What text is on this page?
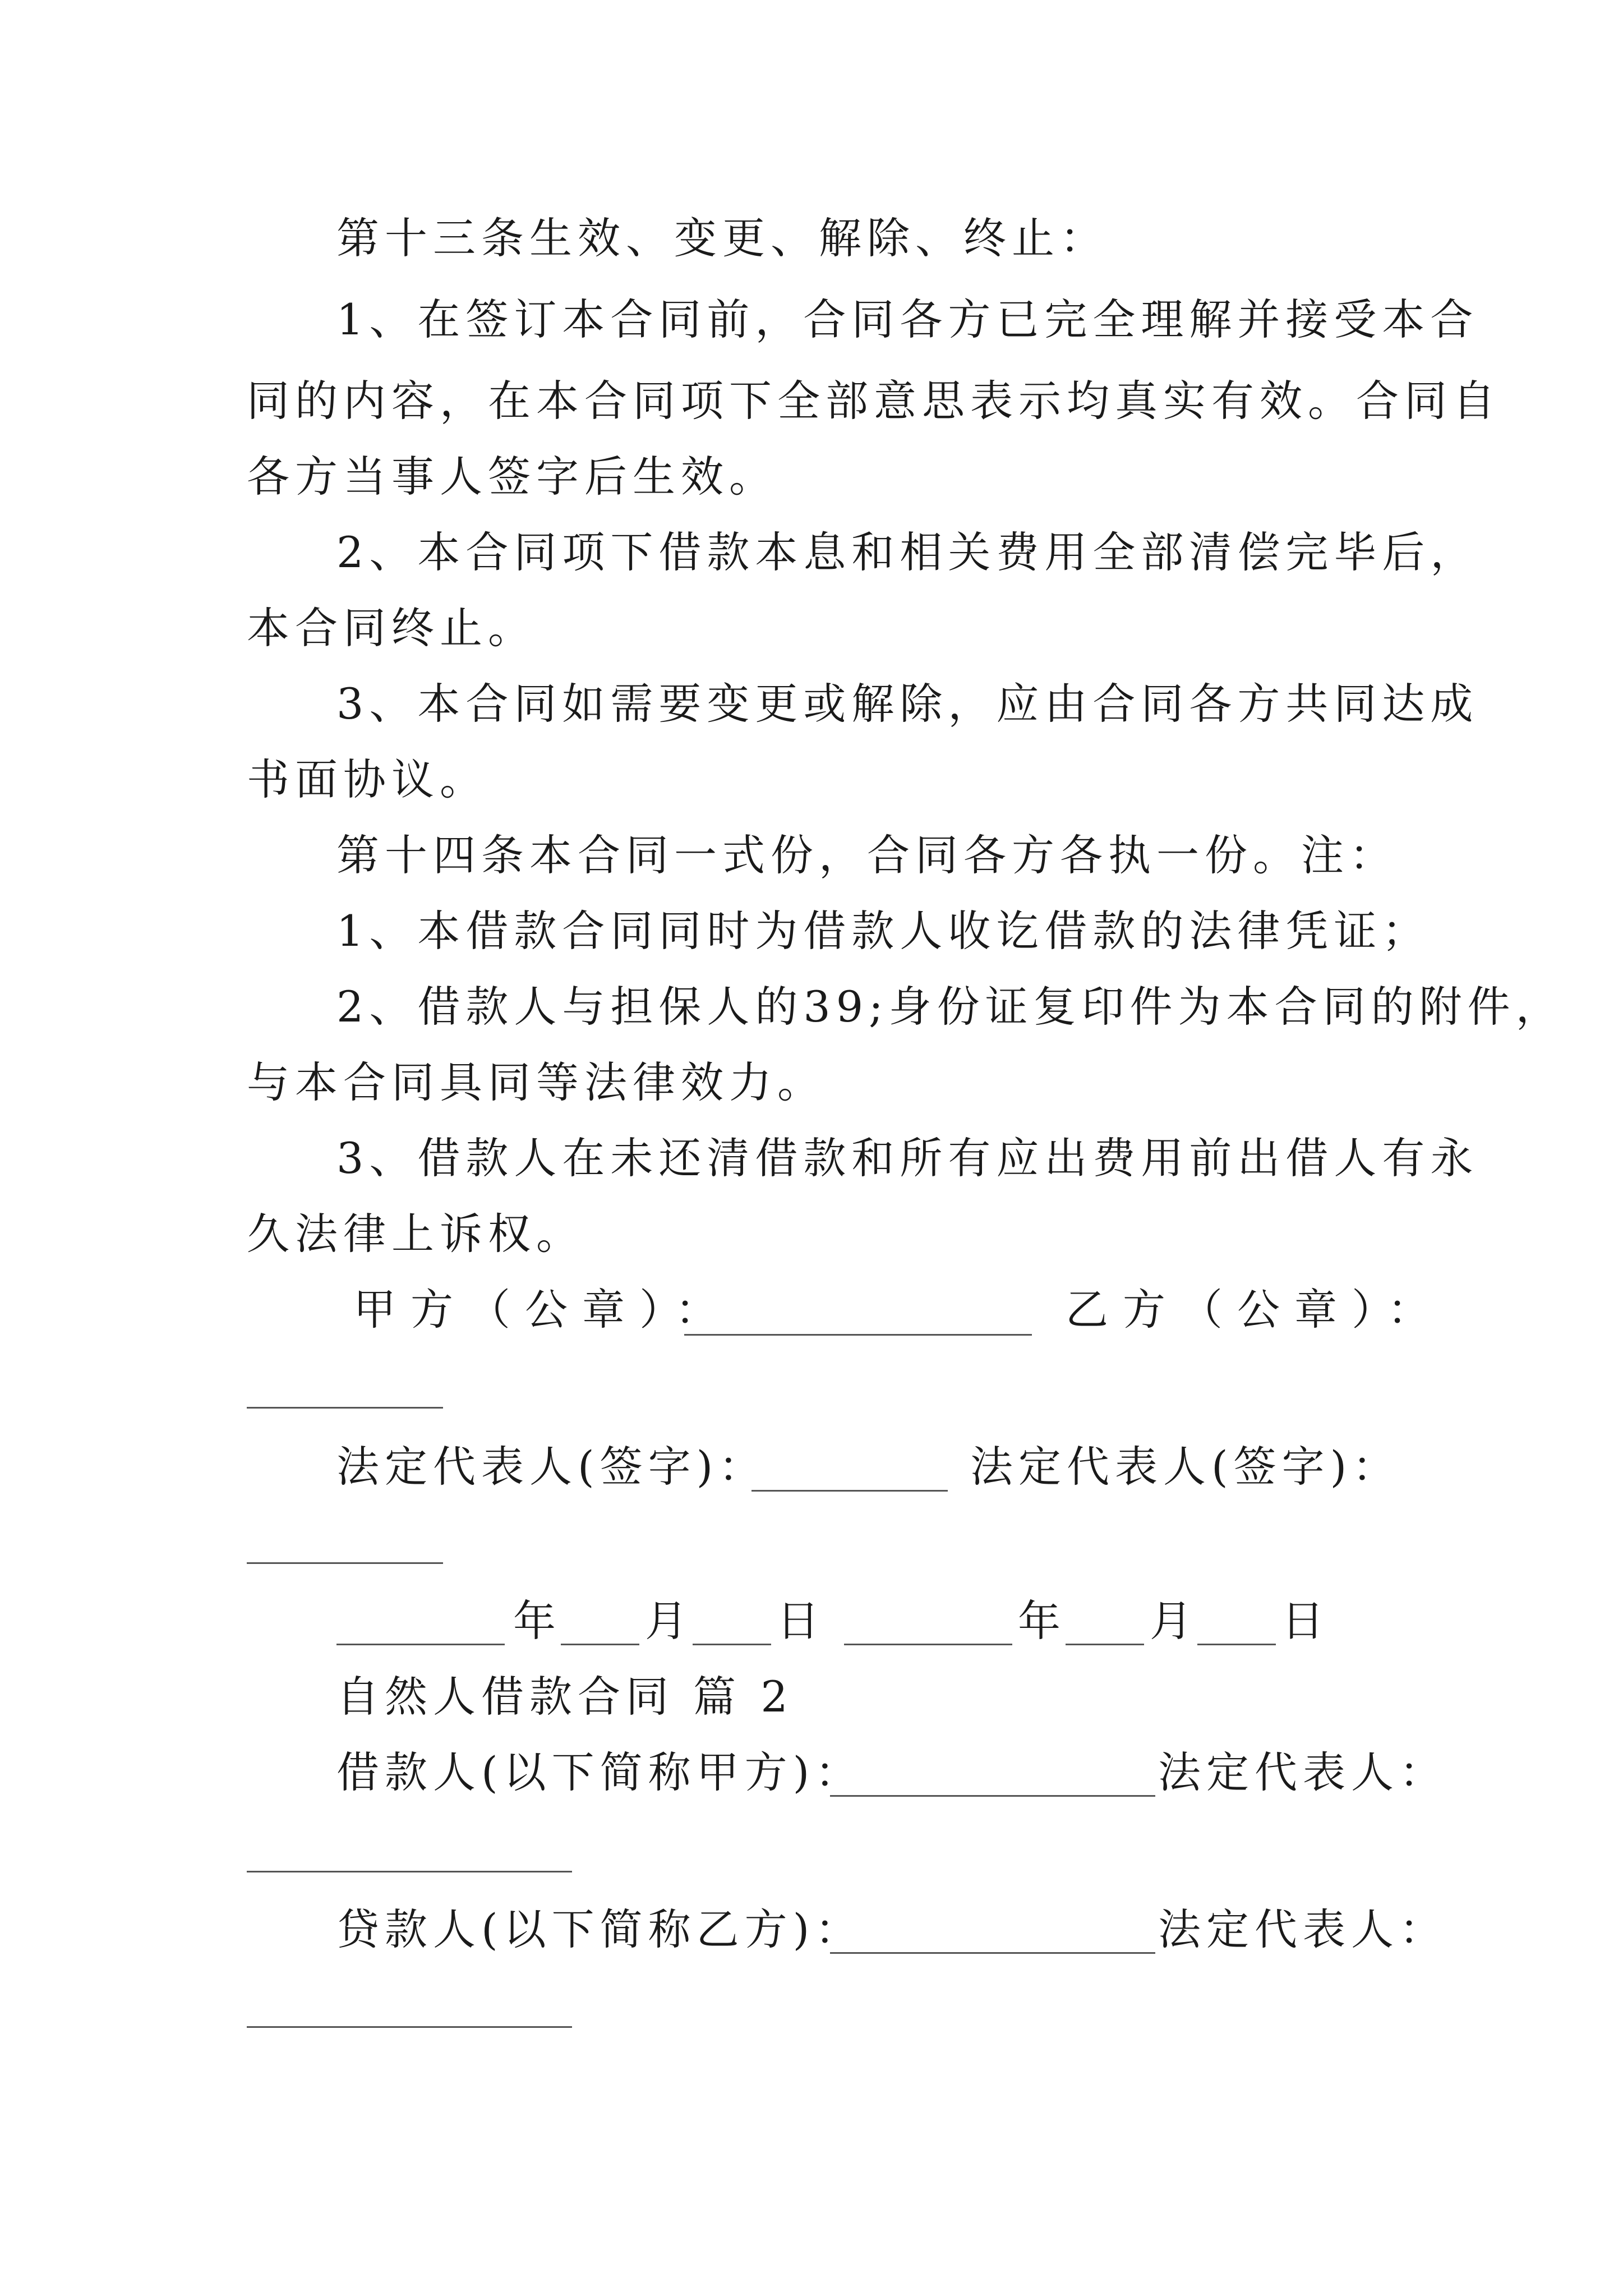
第十三条生效、变更、解除、终止：
1、在签订本合同前，合同各方已完全理解并接受本合
同的内容，在本合同项下全部意思表示均真实有效。合同自
各方当事人签字后生效。
2、本合同项下借款本息和相关费用全部清偿完毕后，
本合同终止。
3、本合同如需要变更或解除，应由合同各方共同达成
书面协议。
第十四条本合同一式份，合同各方各执一份。注：
1、本借款合同同时为借款人收讫借款的法律凭证；
2、借款人与担保人的39;身份证复印件为本合同的附件，
与本合同具同等法律效力。
3、借款人在未还清借款和所有应出费用前出借人有永
久法律上诉权。
甲方（公章）：	乙方（公章）：
法定代表人(签字)：	法定代表人(签字)：
年 月 日	年 月 日
自然人借款合同 篇 2
借款人(以下简称甲方)：	法定代表人：
贷款人(以下简称乙方)：	法定代表人：
